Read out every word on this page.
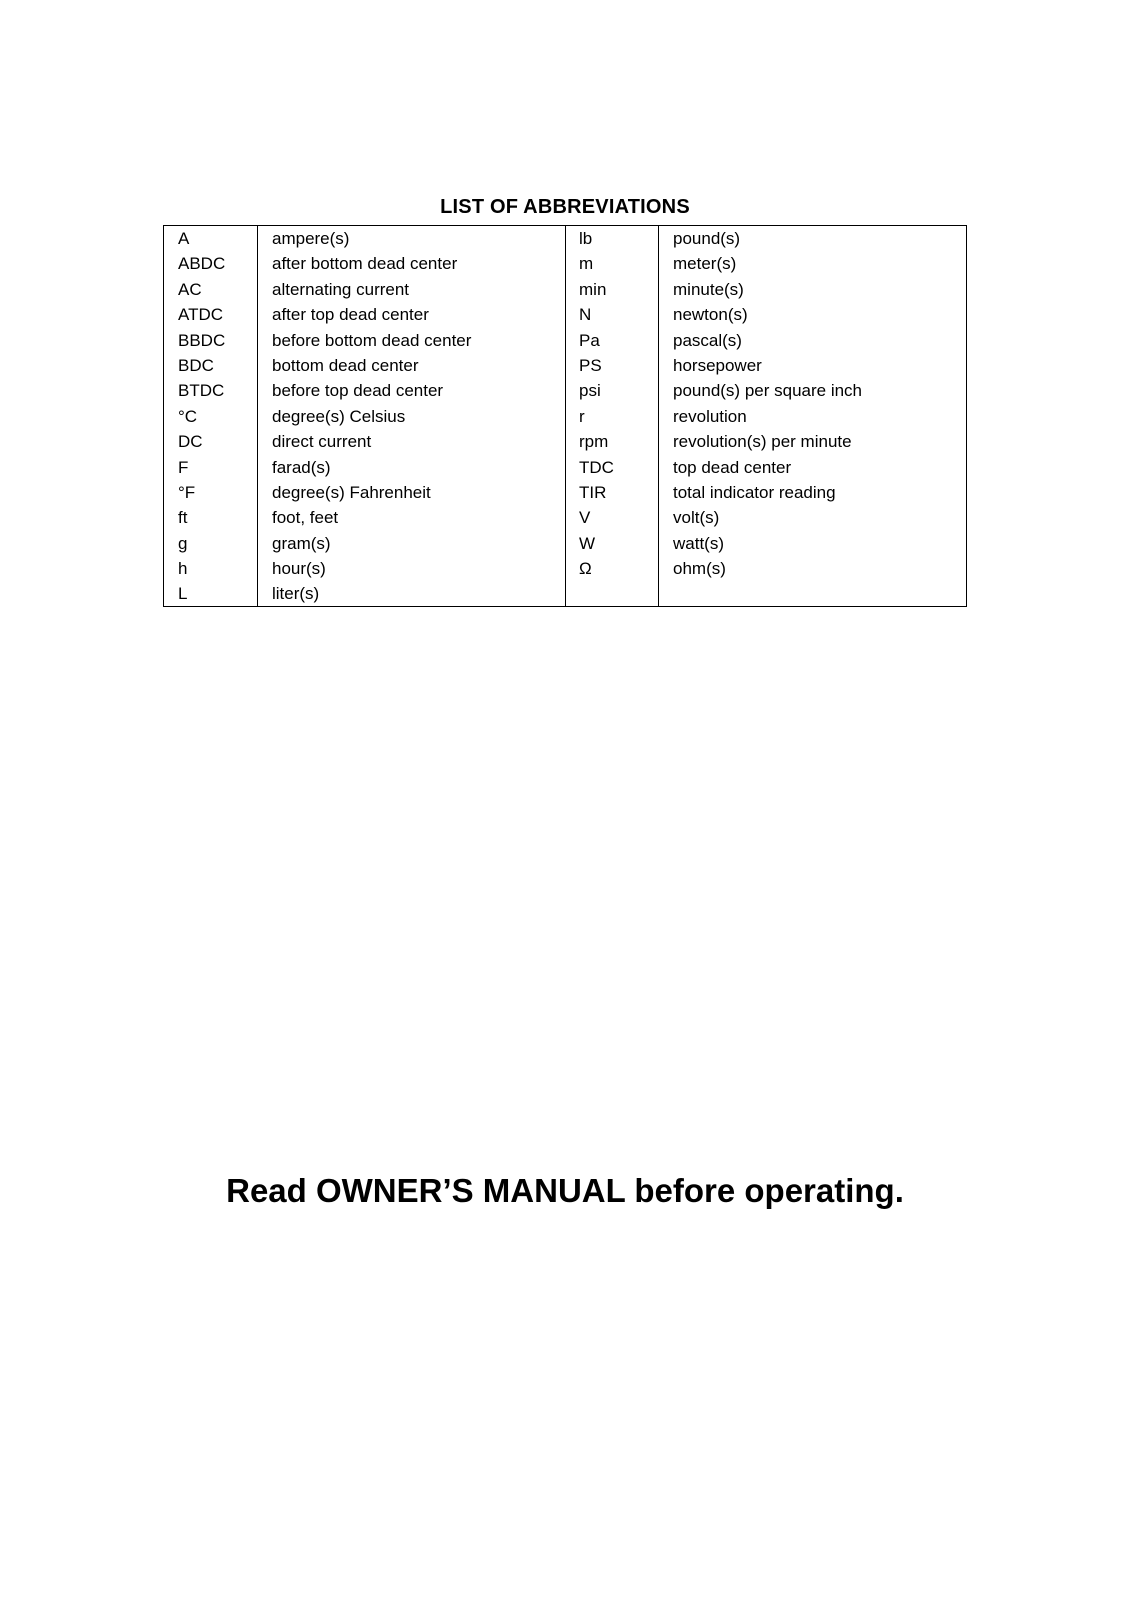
LIST OF ABBREVIATIONS
A
ABDC
AC
ATDC
BBDC
BDC
BTDC
°C
DC
F
°F
ft
g
h
L
ampere(s)
after bottom dead center
alternating current
after top dead center
before bottom dead center
bottom dead center
before top dead center
degree(s) Celsius
direct current
farad(s)
degree(s) Fahrenheit
foot, feet
gram(s)
hour(s)
liter(s)
lb
m
min
N
Pa
PS
psi
r
rpm
TDC
TIR
V
W
Ω
pound(s)
meter(s)
minute(s)
newton(s)
pascal(s)
horsepower
pound(s) per square inch
revolution
revolution(s) per minute
top dead center
total indicator reading
volt(s)
watt(s)
ohm(s)
Read OWNER’S MANUAL before operating.
